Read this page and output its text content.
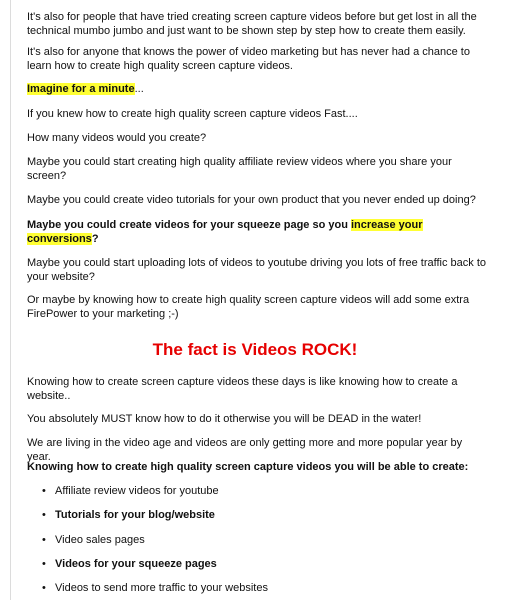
It's also for people that have tried creating screen capture videos before but get lost in all the technical mumbo jumbo and just want to be shown step by step how to create them easily.

It's also for anyone that knows the power of video marketing but has never had a chance to learn how to create high quality screen capture videos.

Imagine for a minute...

If you knew how to create high quality screen capture videos Fast....

How many videos would you create?

Maybe you could start creating high quality affiliate review videos where you share your screen?

Maybe you could create video tutorials for your own product that you never ended up doing?

Maybe you could create videos for your squeeze page so you increase your conversions?

Maybe you could start uploading lots of videos to youtube driving you lots of free traffic back to your website?

Or maybe by knowing how to create high quality screen capture videos will add some extra FirePower to your marketing ;-)

The fact is Videos ROCK!

Knowing how to create screen capture videos these days is like knowing how to create a website..

You absolutely MUST know how to do it otherwise you will be DEAD in the water!

We are living in the video age and videos are only getting more and more popular year by year.

Knowing how to create high quality screen capture videos you will be able to create:

• Affiliate review videos for youtube
• Tutorials for your blog/website
• Video sales pages
• Videos for your squeeze pages
• Videos to send more traffic to your websites
